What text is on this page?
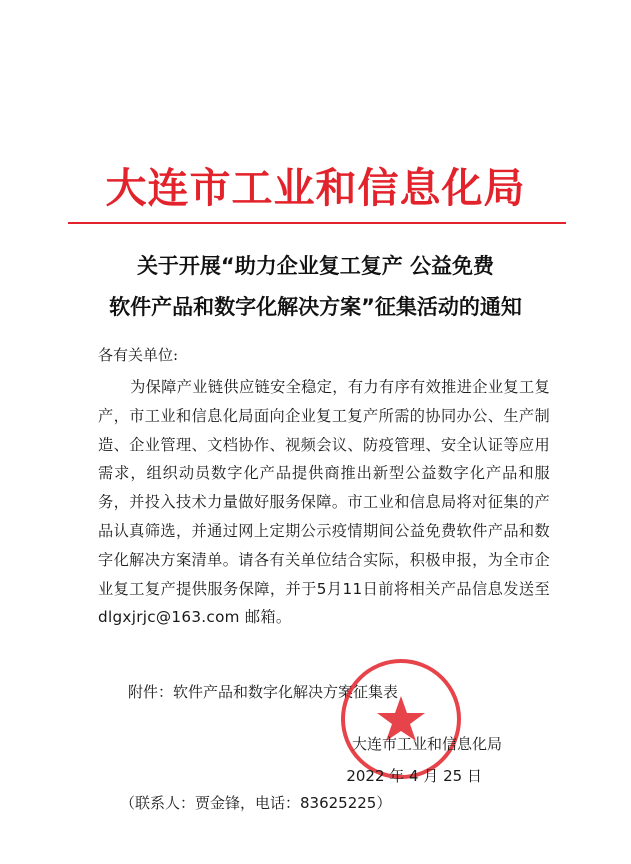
大连市工业和信息化局
关于开展“助力企业复工复产 公益免费
软件产品和数字化解决方案”征集活动的通知
各有关单位:
为保障产业链供应链安全稳定，有力有序有效推进企业复工复产，市工业和信息化局面向企业复工复产所需的协同办公、生产制造、企业管理、文档协作、视频会议、防疫管理、安全认证等应用需求，组织动员数字化产品提供商推出新型公益数字化产品和服务，并投入技术力量做好服务保障。市工业和信息局将对征集的产品认真筛选，并通过网上定期公示疫情期间公益免费软件产品和数字化解决方案清单。请各有关单位结合实际，积极申报，为全市企业复工复产提供服务保障，并于5月11日前将相关产品信息发送至dlgxjrjc@163.com 邮箱。
附件：软件产品和数字化解决方案征集表
大连市工业和信息化局
2022 年 4 月 25 日
（联系人：贾金锋，电话：83625225）
